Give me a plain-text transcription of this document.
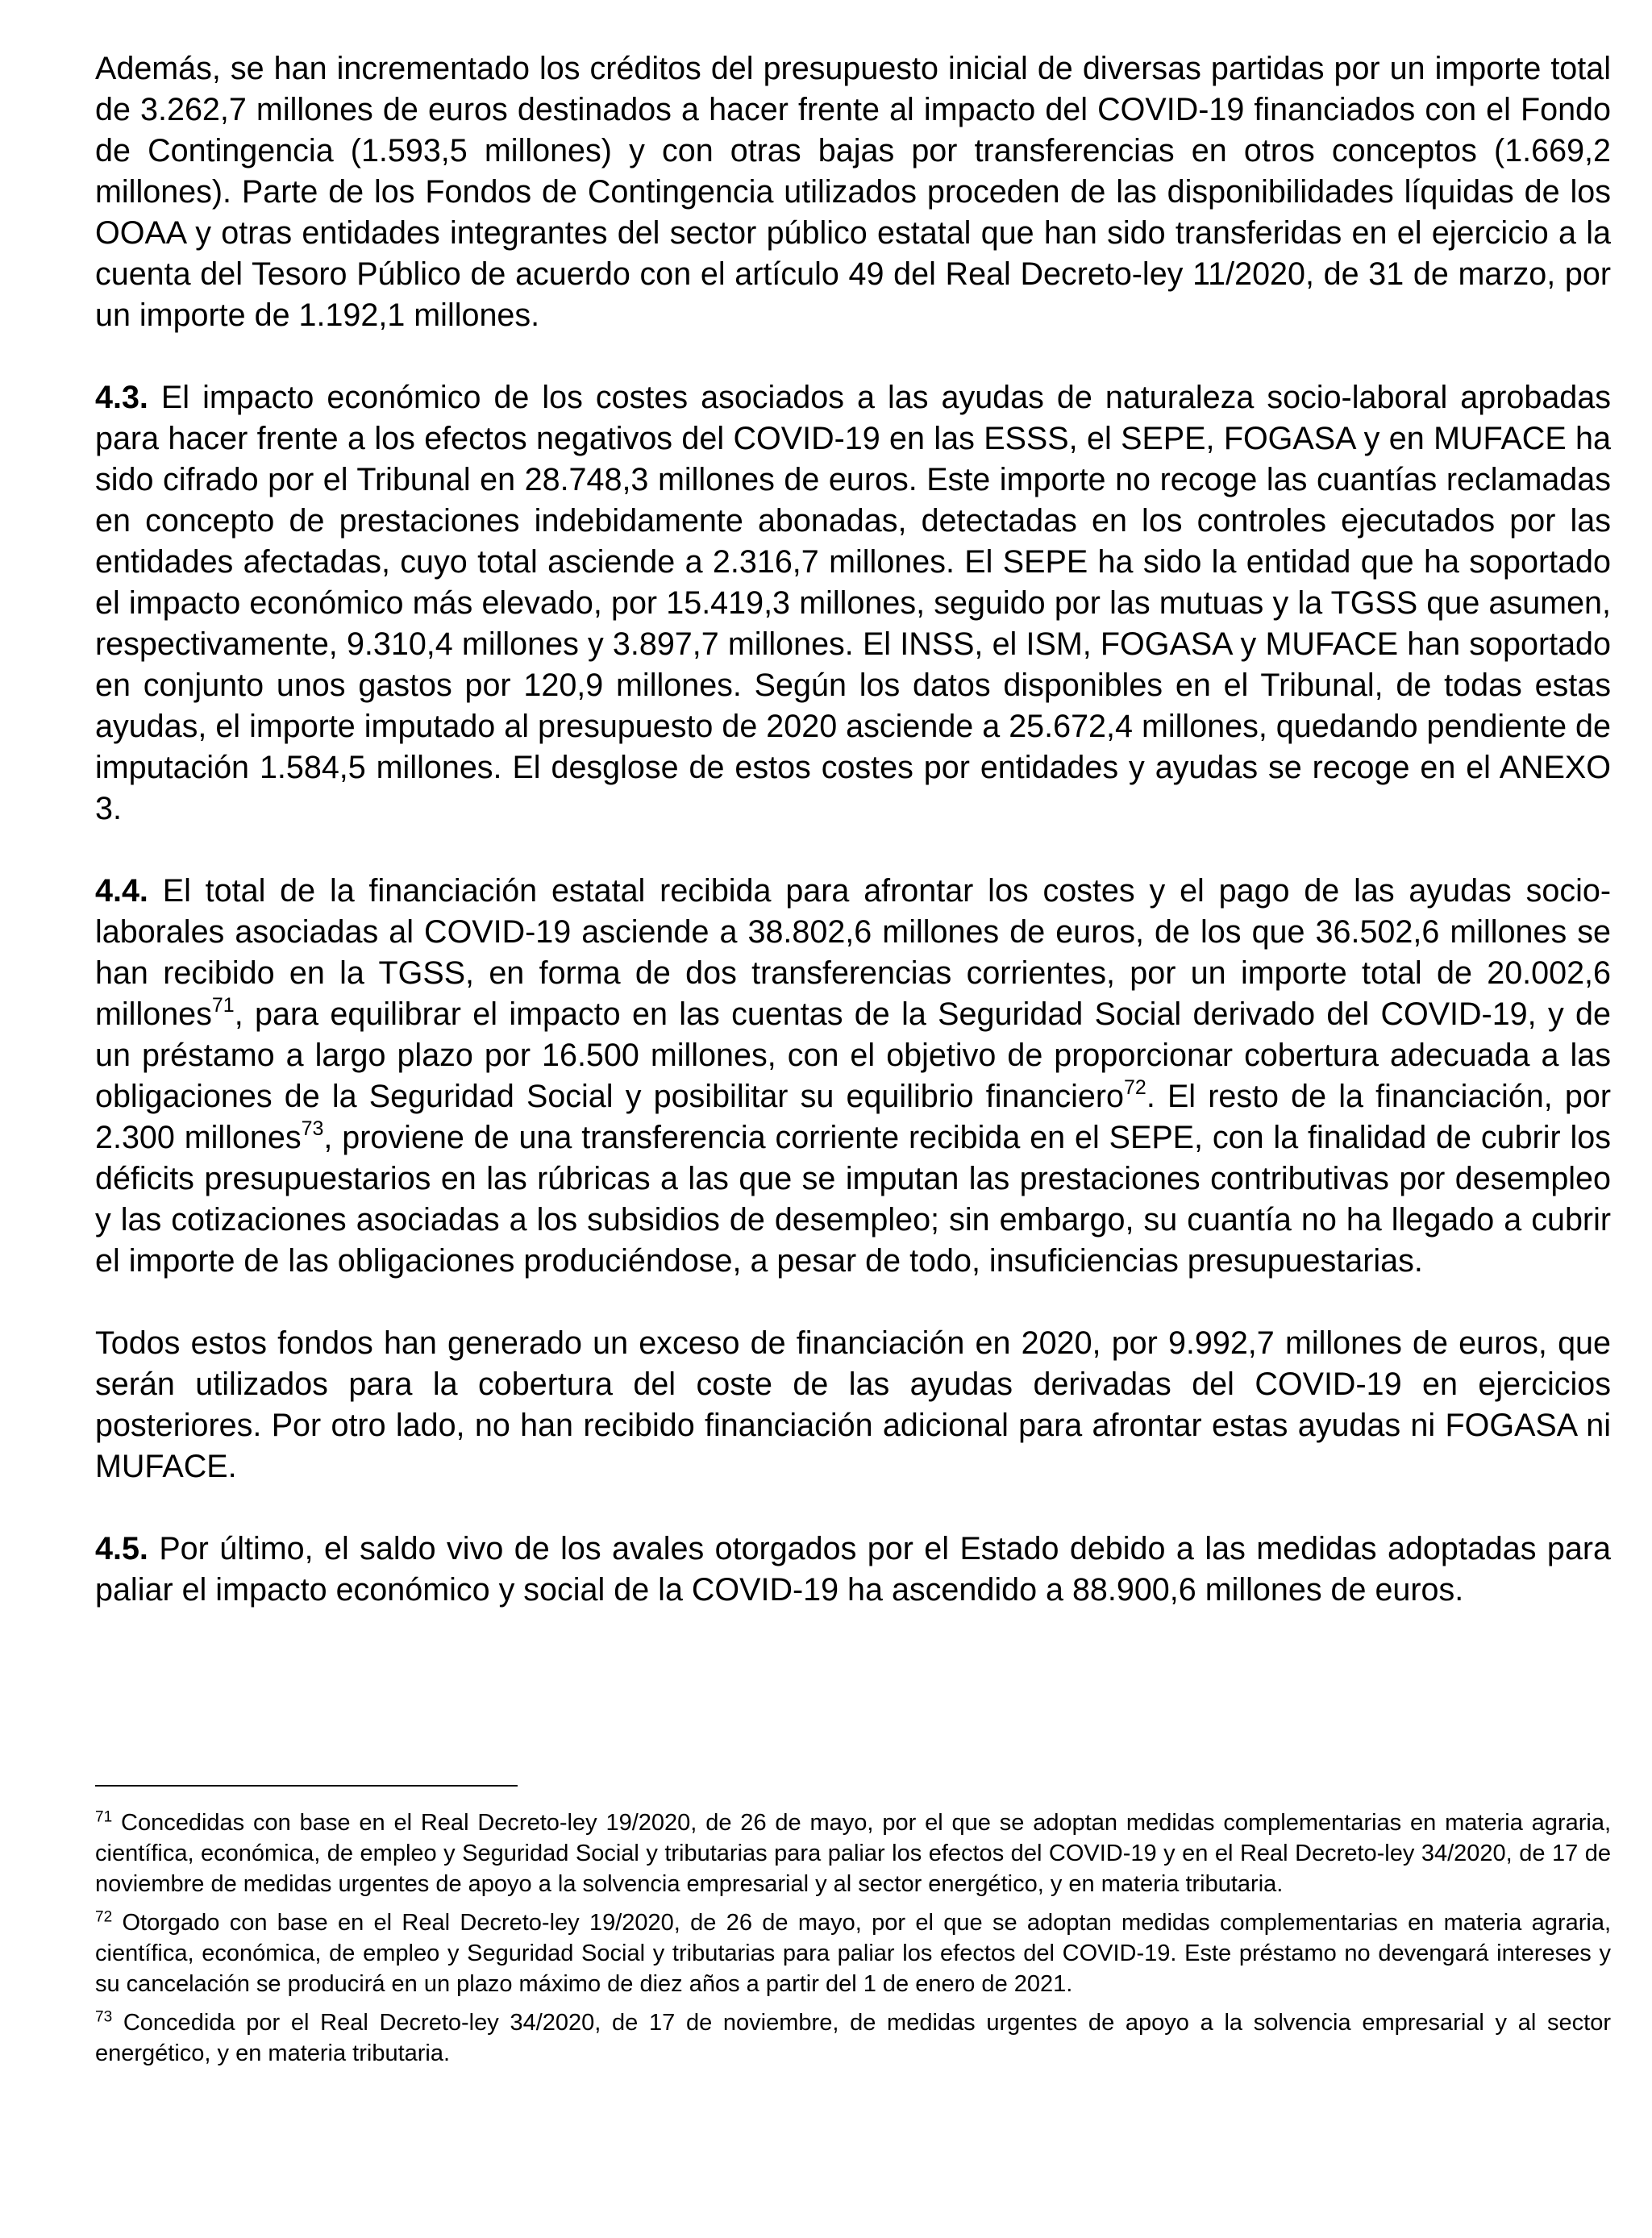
Además, se han incrementado los créditos del presupuesto inicial de diversas partidas por un importe total de 3.262,7 millones de euros destinados a hacer frente al impacto del COVID-19 financiados con el Fondo de Contingencia (1.593,5 millones) y con otras bajas por transferencias en otros conceptos (1.669,2 millones). Parte de los Fondos de Contingencia utilizados proceden de las disponibilidades líquidas de los OOAA y otras entidades integrantes del sector público estatal que han sido transferidas en el ejercicio a la cuenta del Tesoro Público de acuerdo con el artículo 49 del Real Decreto-ley 11/2020, de 31 de marzo, por un importe de 1.192,1 millones.

4.3. El impacto económico de los costes asociados a las ayudas de naturaleza socio-laboral aprobadas para hacer frente a los efectos negativos del COVID-19 en las ESSS, el SEPE, FOGASA y en MUFACE ha sido cifrado por el Tribunal en 28.748,3 millones de euros. Este importe no recoge las cuantías reclamadas en concepto de prestaciones indebidamente abonadas, detectadas en los controles ejecutados por las entidades afectadas, cuyo total asciende a 2.316,7 millones. El SEPE ha sido la entidad que ha soportado el impacto económico más elevado, por 15.419,3 millones, seguido por las mutuas y la TGSS que asumen, respectivamente, 9.310,4 millones y 3.897,7 millones. El INSS, el ISM, FOGASA y MUFACE han soportado en conjunto unos gastos por 120,9 millones. Según los datos disponibles en el Tribunal, de todas estas ayudas, el importe imputado al presupuesto de 2020 asciende a 25.672,4 millones, quedando pendiente de imputación 1.584,5 millones. El desglose de estos costes por entidades y ayudas se recoge en el ANEXO 3.

4.4. El total de la financiación estatal recibida para afrontar los costes y el pago de las ayudas socio-laborales asociadas al COVID-19 asciende a 38.802,6 millones de euros, de los que 36.502,6 millones se han recibido en la TGSS, en forma de dos transferencias corrientes, por un importe total de 20.002,6 millones$^{71}$, para equilibrar el impacto en las cuentas de la Seguridad Social derivado del COVID-19, y de un préstamo a largo plazo por 16.500 millones, con el objetivo de proporcionar cobertura adecuada a las obligaciones de la Seguridad Social y posibilitar su equilibrio financiero$^{72}$. El resto de la financiación, por 2.300 millones$^{73}$, proviene de una transferencia corriente recibida en el SEPE, con la finalidad de cubrir los déficits presupuestarios en las rúbricas a las que se imputan las prestaciones contributivas por desempleo y las cotizaciones asociadas a los subsidios de desempleo; sin embargo, su cuantía no ha llegado a cubrir el importe de las obligaciones produciéndose, a pesar de todo, insuficiencias presupuestarias.

Todos estos fondos han generado un exceso de financiación en 2020, por 9.992,7 millones de euros, que serán utilizados para la cobertura del coste de las ayudas derivadas del COVID-19 en ejercicios posteriores. Por otro lado, no han recibido financiación adicional para afrontar estas ayudas ni FOGASA ni MUFACE.

4.5. Por último, el saldo vivo de los avales otorgados por el Estado debido a las medidas adoptadas para paliar el impacto económico y social de la COVID-19 ha ascendido a 88.900,6 millones de euros.

$^{71}$ Concedidas con base en el Real Decreto-ley 19/2020, de 26 de mayo, por el que se adoptan medidas complementarias en materia agraria, científica, económica, de empleo y Seguridad Social y tributarias para paliar los efectos del COVID-19 y en el Real Decreto-ley 34/2020, de 17 de noviembre de medidas urgentes de apoyo a la solvencia empresarial y al sector energético, y en materia tributaria.

$^{72}$ Otorgado con base en el Real Decreto-ley 19/2020, de 26 de mayo, por el que se adoptan medidas complementarias en materia agraria, científica, económica, de empleo y Seguridad Social y tributarias para paliar los efectos del COVID-19. Este préstamo no devengará intereses y su cancelación se producirá en un plazo máximo de diez años a partir del 1 de enero de 2021.

$^{73}$ Concedida por el Real Decreto-ley 34/2020, de 17 de noviembre, de medidas urgentes de apoyo a la solvencia empresarial y al sector energético, y en materia tributaria.
